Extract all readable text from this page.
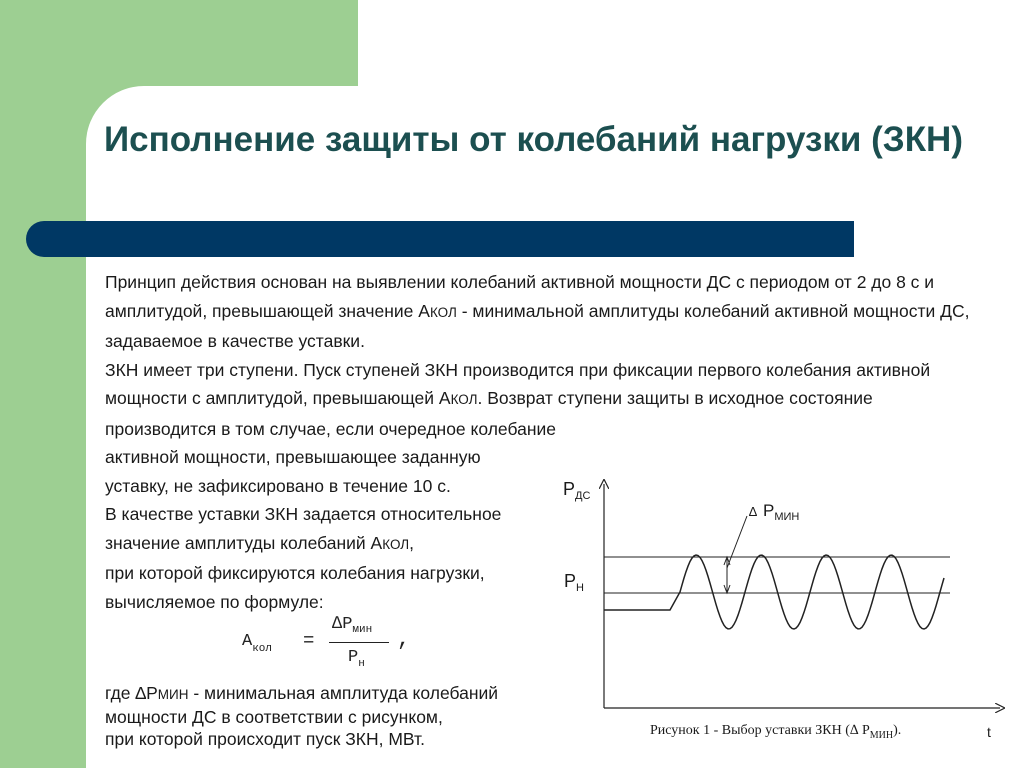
Исполнение защиты от колебаний нагрузки (ЗКН)

Принцип действия основан на выявлении колебаний активной мощности ДС с периодом от 2 до 8 с и амплитудой, превышающей значение АКОЛ - минимальной амплитуды колебаний активной мощности ДС, задаваемое в качестве уставки.

ЗКН имеет три ступени. Пуск ступеней ЗКН производится при фиксации первого колебания активной мощности с амплитудой, превышающей АКОЛ. Возврат ступени защиты в исходное состояние производится в том случае, если очередное колебание

активной мощности, превышающее заданную

уставку, не зафиксировано в течение 10 с.

В качестве уставки ЗКН задается относительное

значение амплитуды колебаний АКОЛ,

при которой фиксируются колебания нагрузки,

вычисляемое по формуле:

$A_{кол}$ =
$\Delta P_{мин}$
$P_н$
,

где ∆PМИН - минимальная амплитуда колебаний

мощности ДС в соответствии с рисунком,

при которой происходит пуск ЗКН, МВт.

$P_{ДС}$
$P_Н$
∆ $P_{МИН}$
t
Рисунок 1 - Выбор уставки ЗКН (∆ $P_{МИН}$).
